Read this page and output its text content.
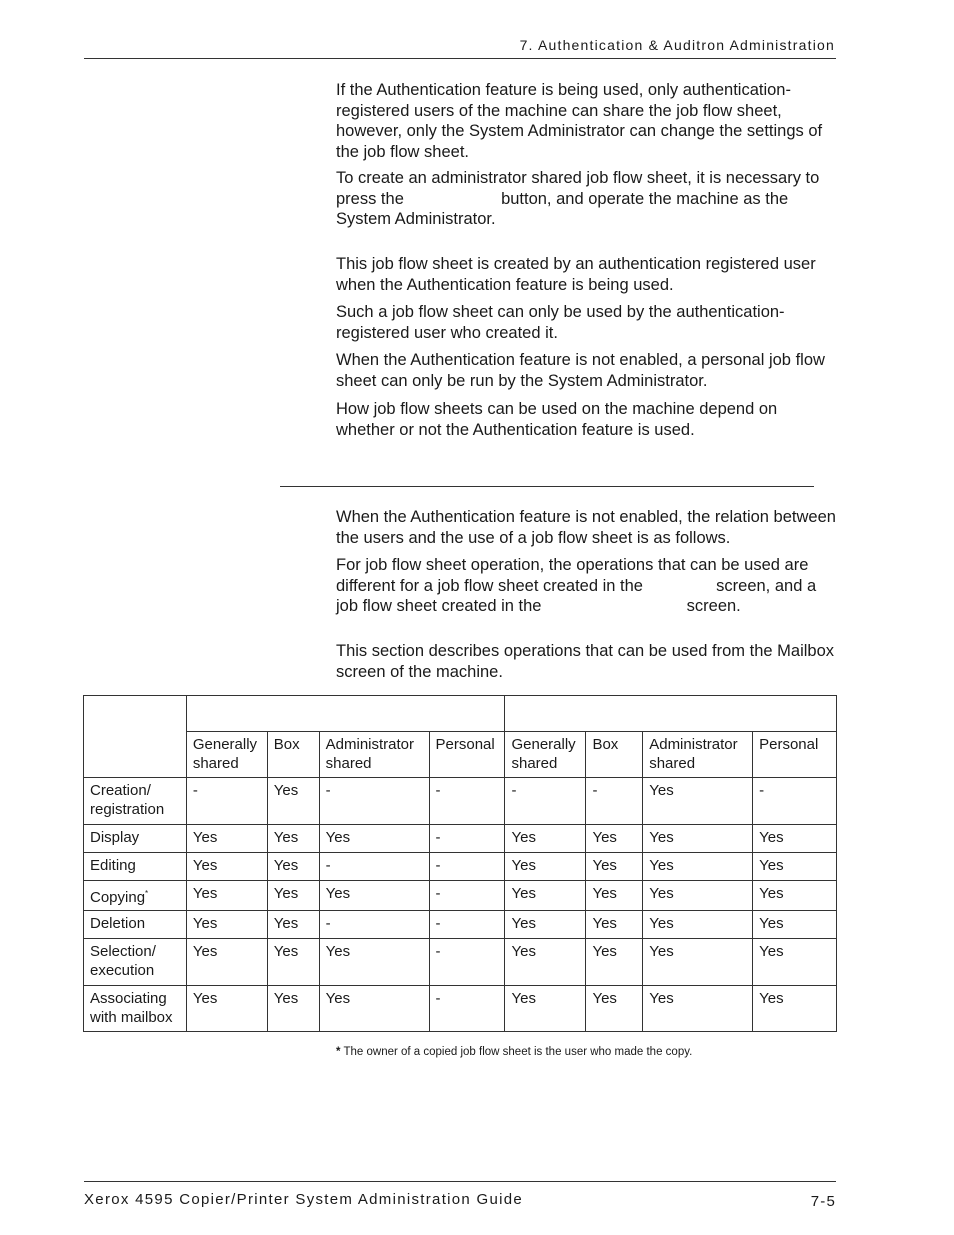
7. Authentication & Auditron Administration

If the Authentication feature is being used, only authentication-registered users of the machine can share the job flow sheet, however, only the System Administrator can change the settings of the job flow sheet.

To create an administrator shared job flow sheet, it is necessary to press the	button, and operate the machine as the System Administrator.

This job flow sheet is created by an authentication registered user when the Authentication feature is being used.

Such a job flow sheet can only be used by the authentication-registered user who created it.

When the Authentication feature is not enabled, a personal job flow sheet can only be run by the System Administrator.

How job flow sheets can be used on the machine depend on whether or not the Authentication feature is used.

When the Authentication feature is not enabled, the relation between the users and the use of a job flow sheet is as follows.

For job flow sheet operation, the operations that can be used are different for a job flow sheet created in the	screen, and a job flow sheet created in the	screen.

This section describes operations that can be used from the Mailbox screen of the machine.

	Generally shared	Box	Administrator shared	Personal	Generally shared	Box	Administrator shared	Personal
Creation/ registration	-	Yes	-	-	-	-	Yes	-
Display	Yes	Yes	Yes	-	Yes	Yes	Yes	Yes
Editing	Yes	Yes	-	-	Yes	Yes	Yes	Yes
Copying*	Yes	Yes	Yes	-	Yes	Yes	Yes	Yes
Deletion	Yes	Yes	-	-	Yes	Yes	Yes	Yes
Selection/ execution	Yes	Yes	Yes	-	Yes	Yes	Yes	Yes
Associating with mailbox	Yes	Yes	Yes	-	Yes	Yes	Yes	Yes
* The owner of a copied job flow sheet is the user who made the copy.
Xerox 4595 Copier/Printer System Administration Guide	7-5
